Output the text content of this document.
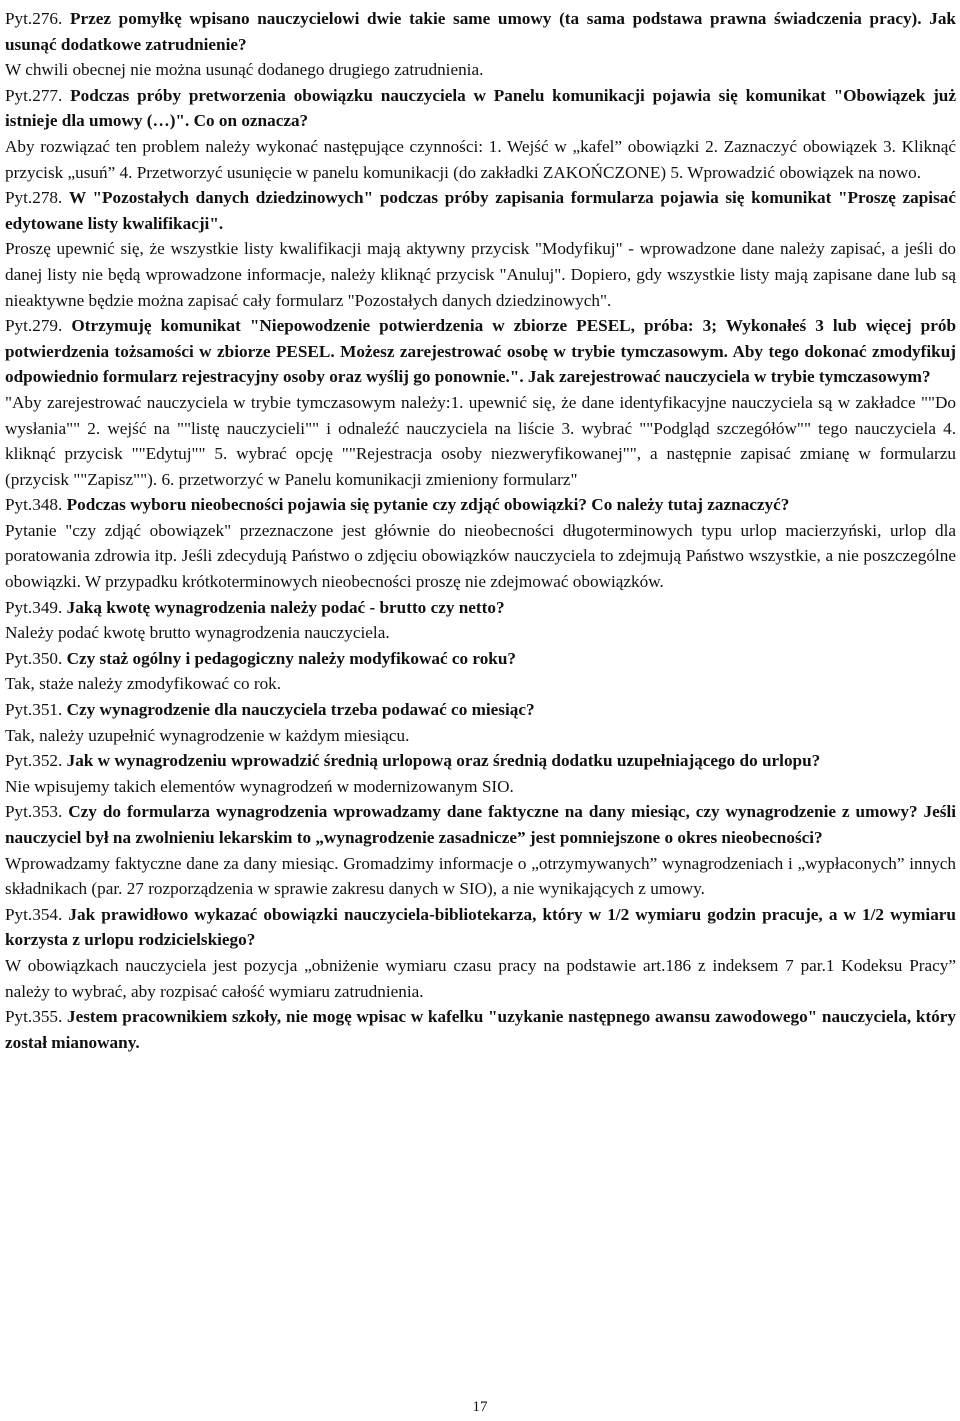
Pyt.276. Przez pomyłkę wpisano nauczycielowi dwie takie same umowy (ta sama podstawa prawna świadczenia pracy). Jak usunąć dodatkowe zatrudnienie?

W chwili obecnej nie można usunąć dodanego drugiego zatrudnienia.

Pyt.277. Podczas próby pretworzenia obowiązku nauczyciela w Panelu komunikacji pojawia się komunikat "Obowiązek już istnieje dla umowy (…)". Co on oznacza?

Aby rozwiązać ten problem należy wykonać następujące czynności: 1. Wejść w „kafel” obowiązki 2. Zaznaczyć obowiązek 3. Kliknąć przycisk „usuń” 4. Przetworzyć usunięcie w panelu komunikacji (do zakładki ZAKOŃCZONE) 5. Wprowadzić obowiązek na nowo.

Pyt.278. W "Pozostałych danych dziedzinowych" podczas próby zapisania formularza pojawia się komunikat "Proszę zapisać edytowane listy kwalifikacji".

Proszę upewnić się, że wszystkie listy kwalifikacji mają aktywny przycisk "Modyfikuj" - wprowadzone dane należy zapisać, a jeśli do danej listy nie będą wprowadzone informacje, należy kliknąć przycisk "Anuluj". Dopiero, gdy wszystkie listy mają zapisane dane lub są nieaktywne będzie można zapisać cały formularz "Pozostałych danych dziedzinowych".

Pyt.279. Otrzymuję komunikat "Niepowodzenie potwierdzenia w zbiorze PESEL, próba: 3; Wykonałeś 3 lub więcej prób potwierdzenia tożsamości w zbiorze PESEL. Możesz zarejestrować osobę w trybie tymczasowym. Aby tego dokonać zmodyfikuj odpowiednio formularz rejestracyjny osoby oraz wyślij go ponownie.". Jak zarejestrować nauczyciela w trybie tymczasowym?

"Aby zarejestrować nauczyciela w trybie tymczasowym należy:1. upewnić się, że dane identyfikacyjne nauczyciela są w zakładce ""Do wysłania"" 2. wejść na ""listę nauczycieli"" i odnaleźć nauczyciela na liście 3. wybrać ""Podgląd szczegółów"" tego nauczyciela 4. kliknąć przycisk ""Edytuj"" 5. wybrać opcję ""Rejestracja osoby niezweryfikowanej"", a następnie zapisać zmianę w formularzu (przycisk ""Zapisz""). 6. przetworzyć w Panelu komunikacji zmieniony formularz"

Pyt.348. Podczas wyboru nieobecności pojawia się pytanie czy zdjąć obowiązki? Co należy tutaj zaznaczyć?

Pytanie "czy zdjąć obowiązek" przeznaczone jest głównie do nieobecności długoterminowych typu urlop macierzyński, urlop dla poratowania zdrowia itp. Jeśli zdecydują Państwo o zdjęciu obowiązków nauczyciela to zdejmują Państwo wszystkie, a nie poszczególne obowiązki. W przypadku krótkoterminowych nieobecności proszę nie zdejmować obowiązków.

Pyt.349. Jaką kwotę wynagrodzenia należy podać - brutto czy netto?

Należy podać kwotę brutto wynagrodzenia nauczyciela.

Pyt.350. Czy staż ogólny i pedagogiczny należy modyfikować co roku?

Tak, staże należy zmodyfikować co rok.

Pyt.351. Czy wynagrodzenie dla nauczyciela trzeba podawać co miesiąc?

Tak, należy uzupełnić wynagrodzenie w każdym miesiącu.

Pyt.352. Jak w wynagrodzeniu wprowadzić średnią urlopową oraz średnią dodatku uzupełniającego do urlopu?

Nie wpisujemy takich elementów wynagrodzeń w modernizowanym SIO.

Pyt.353. Czy do formularza wynagrodzenia wprowadzamy dane faktyczne na dany miesiąc, czy wynagrodzenie z umowy? Jeśli nauczyciel był na zwolnieniu lekarskim to „wynagrodzenie zasadnicze” jest pomniejszone o okres nieobecności?

Wprowadzamy faktyczne dane za dany miesiąc. Gromadzimy informacje o „otrzymywanych” wynagrodzeniach i „wypłaconych” innych składnikach (par. 27 rozporządzenia w sprawie zakresu danych w SIO), a nie wynikających z umowy.

Pyt.354. Jak prawidłowo wykazać obowiązki nauczyciela-bibliotekarza, który w 1/2 wymiaru godzin pracuje, a w 1/2 wymiaru korzysta z urlopu rodzicielskiego?

W obowiązkach nauczyciela jest pozycja „obniżenie wymiaru czasu pracy na podstawie art.186 z indeksem 7 par.1 Kodeksu Pracy” należy to wybrać, aby rozpisać całość wymiaru zatrudnienia.

Pyt.355. Jestem pracownikiem szkoły, nie mogę wpisac w kafelku "uzykanie następnego awansu zawodowego" nauczyciela, który został mianowany.

17
